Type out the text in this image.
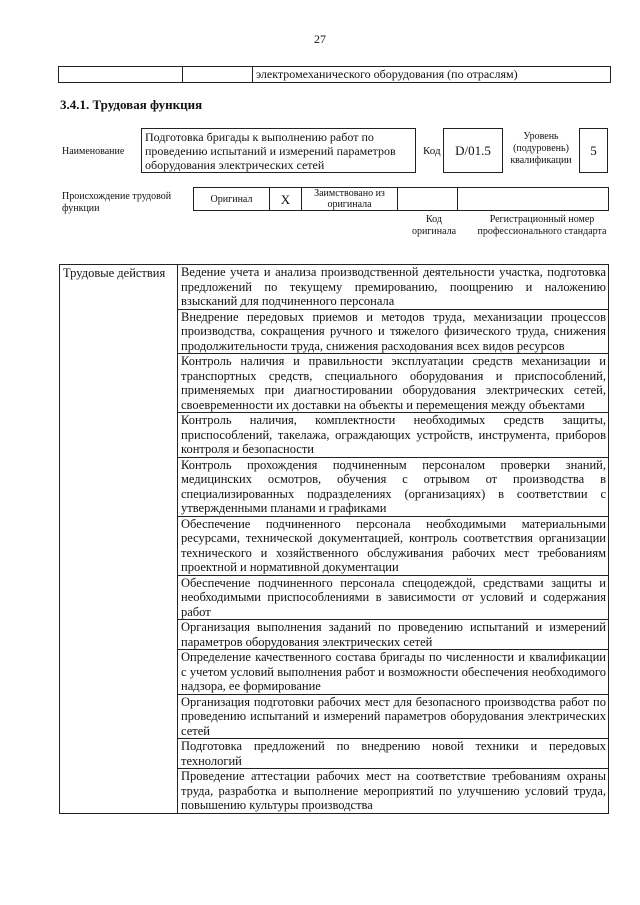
27
электромеханического оборудования (по отраслям)
3.4.1. Трудовая функция
Наименование
Подготовка бригады к выполнению работ по проведению испытаний и измерений параметров оборудования электрических сетей
Код	D/01.5
Уровень (подуровень) квалификации
5
Происхождение трудовой функции
Оригинал	X	Заимствовано из оригинала
Код оригинала
Регистрационный номер профессионального стандарта
Трудовые действия	Ведение учета и анализа производственной деятельности участка, подготовка предложений по текущему премированию, поощрению и наложению взысканий для подчиненного персонала
Внедрение передовых приемов и методов труда, механизации процессов производства, сокращения ручного и тяжелого физического труда, снижения продолжительности труда, снижения расходования всех видов ресурсов
Контроль наличия и правильности эксплуатации средств механизации и транспортных средств, специального оборудования и приспособлений, применяемых при диагностировании оборудования электрических сетей, своевременности их доставки на объекты и перемещения между объектами
Контроль наличия, комплектности необходимых средств защиты, приспособлений, такелажа, ограждающих устройств, инструмента, приборов контроля и безопасности
Контроль прохождения подчиненным персоналом проверки знаний, медицинских осмотров, обучения с отрывом от производства в специализированных подразделениях (организациях) в соответствии с утвержденными планами и графиками
Обеспечение подчиненного персонала необходимыми материальными ресурсами, технической документацией, контроль соответствия организации технического и хозяйственного обслуживания рабочих мест требованиям проектной и нормативной документации
Обеспечение подчиненного персонала спецодеждой, средствами защиты и необходимыми приспособлениями в зависимости от условий и содержания работ
Организация выполнения заданий по проведению испытаний и измерений параметров оборудования электрических сетей
Определение качественного состава бригады по численности и квалификации с учетом условий выполнения работ и возможности обеспечения необходимого надзора, ее формирование
Организация подготовки рабочих мест для безопасного производства работ по проведению испытаний и измерений параметров оборудования электрических сетей
Подготовка предложений по внедрению новой техники и передовых технологий
Проведение аттестации рабочих мест на соответствие требованиям охраны труда, разработка и выполнение мероприятий по улучшению условий труда, повышению культуры производства
